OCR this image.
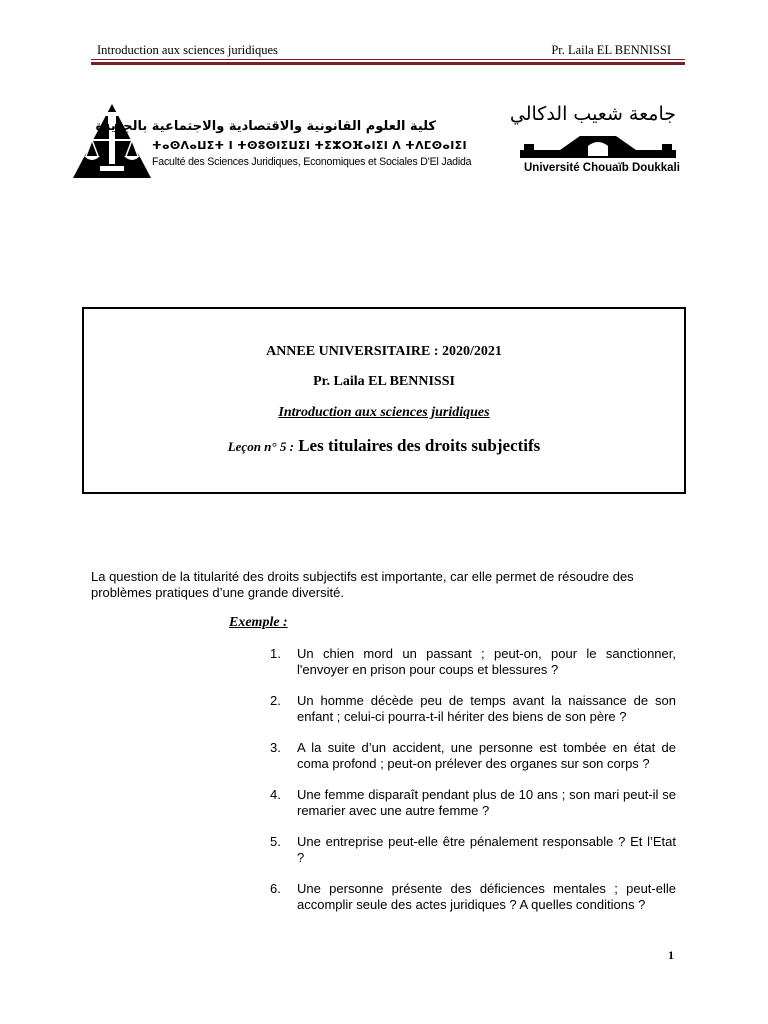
Introduction aux sciences juridiques	Pr. Laila EL BENNISSI
كلية العلوم القانونية والاقتصادية والاجتماعية بالجديدة
ⵜⴰⵙⴷⴰⵡⵉⵜ ⵏ ⵜⵙⵓⵙⵏⵉⵡⵉⵏ ⵜⵉⵣⵔⴼⴰⵏⵉⵏ ⴷ ⵜⴷⵎⵙⴰⵏⵉⵏ
Faculté des Sciences Juridiques, Economiques et Sociales D'El Jadida
جامعة شعيب الدكالي
Université Chouaïb Doukkali
ANNEE UNIVERSITAIRE : 2020/2021
Pr. Laila EL BENNISSI
Introduction aux sciences juridiques
Leçon n° 5 : Les titulaires des droits subjectifs

La question de la titularité des droits subjectifs est importante, car elle permet de résoudre des problèmes pratiques d’une grande diversité.

Exemple :
1. Un chien mord un passant ; peut-on, pour le sanctionner, l'envoyer en prison pour coups et blessures ?
2. Un homme décède peu de temps avant la naissance de son enfant ; celui-ci pourra-t-il hériter des biens de son père ?
3. A la suite d’un accident, une personne est tombée en état de coma profond ; peut-on prélever des organes sur son corps ?
4. Une femme disparaît pendant plus de 10 ans ; son mari peut-il se remarier avec une autre femme ?
5. Une entreprise peut-elle être pénalement responsable ? Et l’Etat ?
6. Une personne présente des déficiences mentales ; peut-elle accomplir seule des actes juridiques ? A quelles conditions ?
1
